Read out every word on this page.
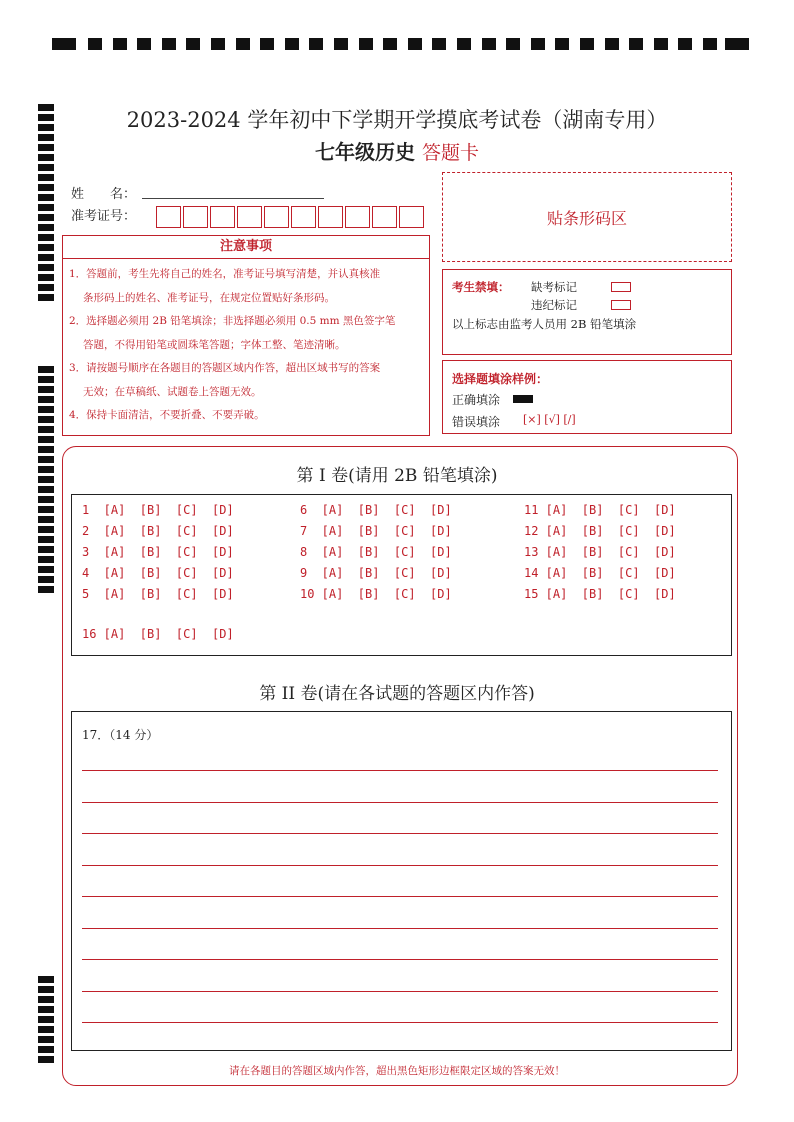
2023-2024 学年初中下学期开学摸底考试卷（湖南专用）
七年级历史 答题卡
姓　　名：
准考证号：	贴条形码区
注意事项

1．答题前，考生先将自己的姓名，准考证号填写清楚，并认真核准
条形码上的姓名、准考证号，在规定位置贴好条形码。

2．选择题必须用 2B 铅笔填涂；非选择题必须用 0.5 mm 黑色签字笔
答题，不得用铅笔或圆珠笔答题；字体工整、笔迹清晰。

3．请按题号顺序在各题目的答题区域内作答，超出区域书写的答案
无效；在草稿纸、试题卷上答题无效。

4．保持卡面清洁，不要折叠、不要弄破。

考生禁填： 缺考标记
违纪标记
以上标志由监考人员用 2B 铅笔填涂
选择题填涂样例：
正确填涂
错误填涂 [×] [√] [/]
第 I 卷(请用 2B 铅笔填涂)
1  [A]  [B]  [C]  [D]
2  [A]  [B]  [C]  [D]
3  [A]  [B]  [C]  [D]
4  [A]  [B]  [C]  [D]
5  [A]  [B]  [C]  [D]
6  [A]  [B]  [C]  [D]
7  [A]  [B]  [C]  [D]
8  [A]  [B]  [C]  [D]
9  [A]  [B]  [C]  [D]
10 [A]  [B]  [C]  [D]
11 [A]  [B]  [C]  [D]
12 [A]  [B]  [C]  [D]
13 [A]  [B]  [C]  [D]
14 [A]  [B]  [C]  [D]
15 [A]  [B]  [C]  [D]
16 [A]  [B]  [C]  [D]
第 II 卷(请在各试题的答题区内作答)
17．（14 分）
请在各题目的答题区域内作答，超出黑色矩形边框限定区域的答案无效！
